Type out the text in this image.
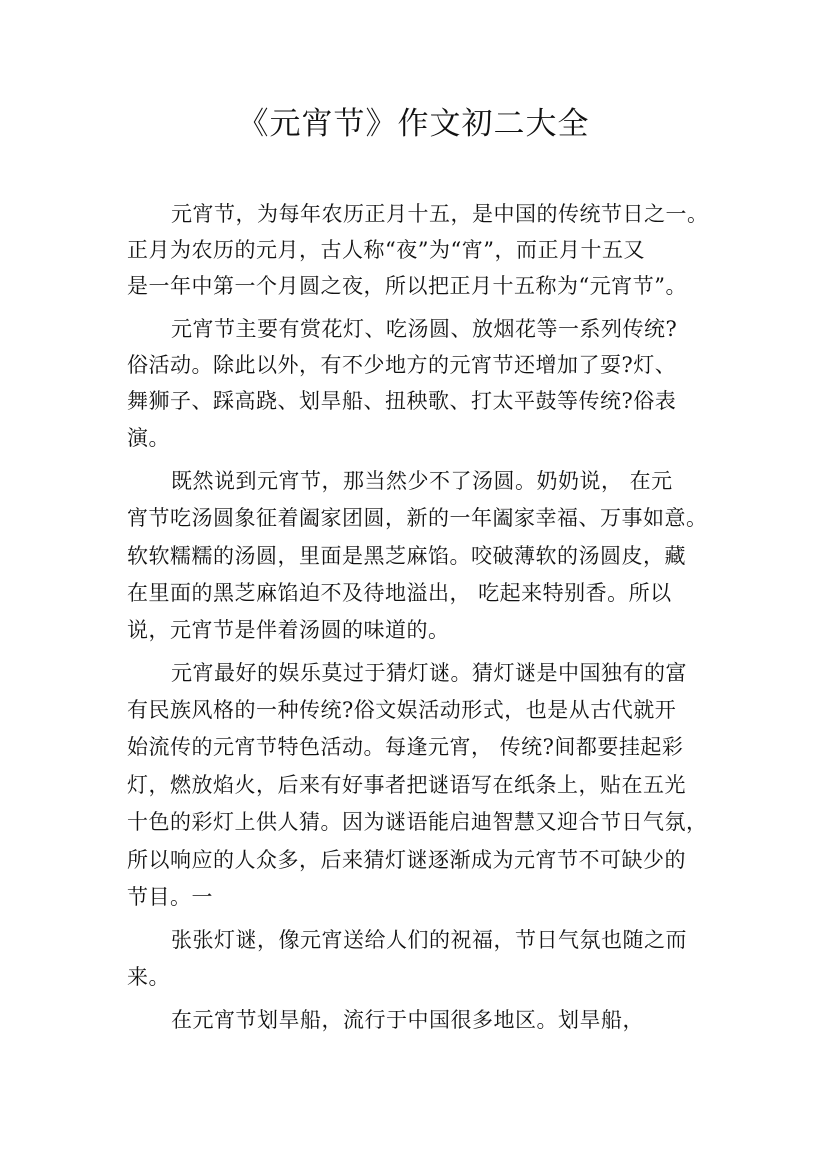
《元宵节》作文初二大全
元宵节，为每年农历正月十五，是中国的传统节日之一。
正月为农历的元月，古人称“夜”为“宵”，而正月十五又
是一年中第一个月圆之夜，所以把正月十五称为“元宵节”。
元宵节主要有赏花灯、吃汤圆、放烟花等一系列传统?
俗活动。除此以外，有不少地方的元宵节还增加了耍?灯、
舞狮子、踩高跷、划旱船、扭秧歌、打太平鼓等传统?俗表
演。
既然说到元宵节，那当然少不了汤圆。奶奶说， 在元
宵节吃汤圆象征着阖家团圆，新的一年阖家幸福、万事如意。
软软糯糯的汤圆，里面是黑芝麻馅。咬破薄软的汤圆皮，藏
在里面的黑芝麻馅迫不及待地溢出， 吃起来特别香。所以
说，元宵节是伴着汤圆的味道的。
元宵最好的娱乐莫过于猜灯谜。猜灯谜是中国独有的富
有民族风格的一种传统?俗文娱活动形式，也是从古代就开
始流传的元宵节特色活动。每逢元宵， 传统?间都要挂起彩
灯，燃放焰火，后来有好事者把谜语写在纸条上，贴在五光
十色的彩灯上供人猜。因为谜语能启迪智慧又迎合节日气氛，
所以响应的人众多，后来猜灯谜逐渐成为元宵节不可缺少的
节目。一
张张灯谜，像元宵送给人们的祝福，节日气氛也随之而
来。
在元宵节划旱船，流行于中国很多地区。划旱船，
